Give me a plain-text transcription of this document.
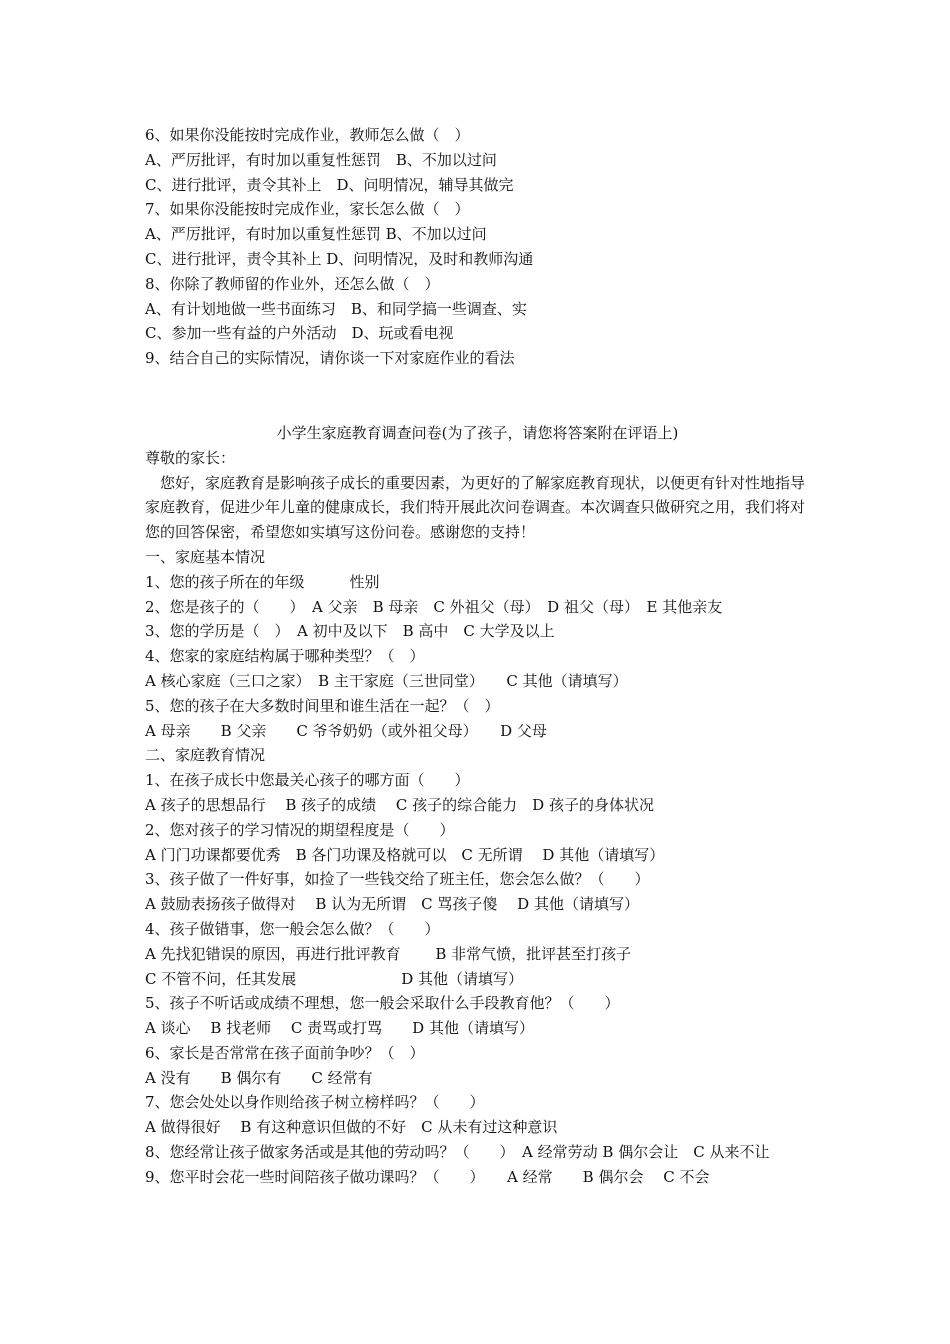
6、如果你没能按时完成作业，教师怎么做（　）

A、严厉批评，有时加以重复性惩罚　B、不加以过问

C、进行批评，责令其补上　D、问明情况，辅导其做完

7、如果你没能按时完成作业，家长怎么做（　）

A、严厉批评，有时加以重复性惩罚 B、不加以过问

C、进行批评，责令其补上 D、问明情况，及时和教师沟通

8、你除了教师留的作业外，还怎么做（　）

A、有计划地做一些书面练习　B、和同学搞一些调查、实

C、参加一些有益的户外活动　D、玩或看电视

9、结合自己的实际情况，请你谈一下对家庭作业的看法

小学生家庭教育调查问卷(为了孩子，请您将答案附在评语上)

尊敬的家长：

　您好，家庭教育是影响孩子成长的重要因素，为更好的了解家庭教育现状，以便更有针对性地指导家庭教育，促进少年儿童的健康成长，我们特开展此次问卷调查。本次调查只做研究之用，我们将对您的回答保密，希望您如实填写这份问卷。感谢您的支持！

一、家庭基本情况

1、您的孩子所在的年级　　　性别

2、您是孩子的（　　）　A 父亲　B 母亲　C 外祖父（母）　D 祖父（母）　E 其他亲友

3、您的学历是（　）　A 初中及以下　B 高中　C 大学及以上

4、您家的家庭结构属于哪种类型？（　）

A 核心家庭（三口之家）　B 主干家庭（三世同堂）　　C 其他（请填写）

5、您的孩子在大多数时间里和谁生活在一起？（　）

A 母亲　　B 父亲　　C 爷爷奶奶（或外祖父母）　　D 父母

二、家庭教育情况

1、在孩子成长中您最关心孩子的哪方面（　　）

A 孩子的思想品行　 B 孩子的成绩　 C 孩子的综合能力　D 孩子的身体状况

2、您对孩子的学习情况的期望程度是（　　）

A 门门功课都要优秀　B 各门功课及格就可以　C 无所谓　 D 其他（请填写）

3、孩子做了一件好事，如捡了一些钱交给了班主任，您会怎么做？（　　）

A 鼓励表扬孩子做得对　 B 认为无所谓　C 骂孩子傻　 D 其他（请填写）

4、孩子做错事，您一般会怎么做？（　　）

A 先找犯错误的原因，再进行批评教育　　 B 非常气愤，批评甚至打孩子

C 不管不问，任其发展　　　　　　　D 其他（请填写）

5、孩子不听话或成绩不理想，您一般会采取什么手段教育他？（　　）

A 谈心　 B 找老师　 C 责骂或打骂　　D 其他（请填写）

6、家长是否常常在孩子面前争吵？（　）

A 没有　　B 偶尔有　　C 经常有

7、您会处处以身作则给孩子树立榜样吗？（　　）

A 做得很好　 B 有这种意识但做的不好　C 从未有过这种意识

8、您经常让孩子做家务活或是其他的劳动吗？（　　）　A 经常劳动 B 偶尔会让　C 从来不让

9、您平时会花一些时间陪孩子做功课吗？（　　）　　A 经常　　B 偶尔会　 C 不会
